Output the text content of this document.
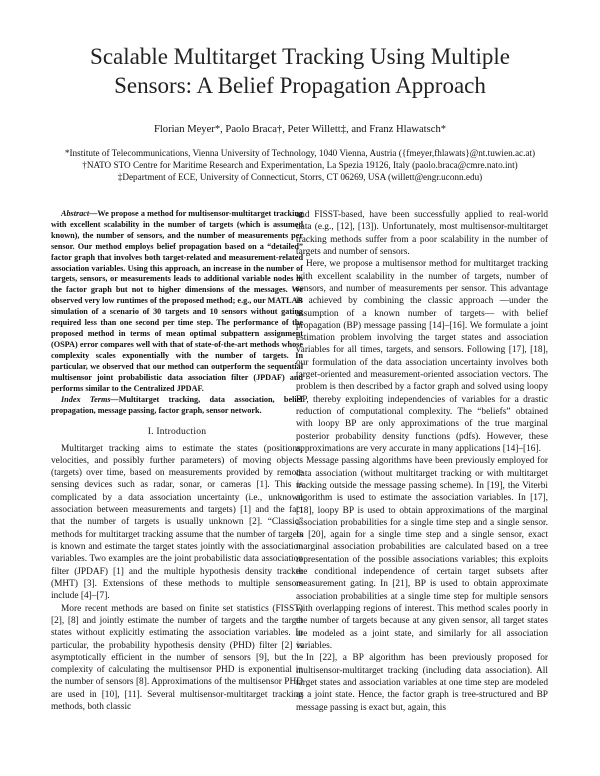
Scalable Multitarget Tracking Using Multiple
Sensors: A Belief Propagation Approach
Florian Meyer*, Paolo Braca†, Peter Willett‡, and Franz Hlawatsch*
*Institute of Telecommunications, Vienna University of Technology, 1040 Vienna, Austria ({fmeyer,fhlawats}@nt.tuwien.ac.at)
†NATO STO Centre for Maritime Research and Experimentation, La Spezia 19126, Italy (paolo.braca@cmre.nato.int)
‡Department of ECE, University of Connecticut, Storrs, CT 06269, USA (willett@engr.uconn.edu)

Abstract—We propose a method for multisensor-multitarget tracking with excellent scalability in the number of targets (which is assumed known), the number of sensors, and the number of measurements per sensor. Our method employs belief propagation based on a “detailed” factor graph that involves both target-related and measurement-related association variables. Using this approach, an increase in the number of targets, sensors, or measurements leads to additional variable nodes in the factor graph but not to higher dimensions of the messages. We observed very low runtimes of the proposed method; e.g., our MATLAB simulation of a scenario of 30 targets and 10 sensors without gating required less than one second per time step. The performance of the proposed method in terms of mean optimal subpattern assignment (OSPA) error compares well with that of state-of-the-art methods whose complexity scales exponentially with the number of targets. In particular, we observed that our method can outperform the sequential multisensor joint probabilistic data association filter (JPDAF) and performs similar to the Centralized JPDAF.

Index Terms—Multitarget tracking, data association, belief propagation, message passing, factor graph, sensor network.

I. Introduction

Multitarget tracking aims to estimate the states (positions, velocities, and possibly further parameters) of moving objects (targets) over time, based on measurements provided by remote sensing devices such as radar, sonar, or cameras [1]. This is complicated by a data association uncertainty (i.e., unknown association between measurements and targets) [1] and the fact that the number of targets is usually unknown [2]. “Classic” methods for multitarget tracking assume that the number of targets is known and estimate the target states jointly with the association variables. Two examples are the joint probabilistic data association filter (JPDAF) [1] and the multiple hypothesis density tracker (MHT) [3]. Extensions of these methods to multiple sensors include [4]–[7].

More recent methods are based on finite set statistics (FISST) [2], [8] and jointly estimate the number of targets and the target states without explicitly estimating the association variables. In particular, the probability hypothesis density (PHD) filter [2] is asymptotically efficient in the number of sensors [9], but the complexity of calculating the multisensor PHD is exponential in the number of sensors [8]. Approximations of the multisensor PHD are used in [10], [11]. Several multisensor-multitarget tracking methods, both classic

and FISST-based, have been successfully applied to real-world data (e.g., [12], [13]). Unfortunately, most multisensor-multitarget tracking methods suffer from a poor scalability in the number of targets and number of sensors.

Here, we propose a multisensor method for multitarget tracking with excellent scalability in the number of targets, number of sensors, and number of measurements per sensor. This advantage is achieved by combining the classic approach —under the assumption of a known number of targets— with belief propagation (BP) message passing [14]–[16]. We formulate a joint estimation problem involving the target states and association variables for all times, targets, and sensors. Following [17], [18], our formulation of the data association uncertainty involves both target-oriented and measurement-oriented association vectors. The problem is then described by a factor graph and solved using loopy BP, thereby exploiting independencies of variables for a drastic reduction of computational complexity. The “beliefs” obtained with loopy BP are only approximations of the true marginal posterior probability density functions (pdfs). However, these approximations are very accurate in many applications [14]–[16].

Message passing algorithms have been previously employed for data association (without multitarget tracking or with multitarget tracking outside the message passing scheme). In [19], the Viterbi algorithm is used to estimate the association variables. In [17], [18], loopy BP is used to obtain approximations of the marginal association probabilities for a single time step and a single sensor. In [20], again for a single time step and a single sensor, exact marginal association probabilities are calculated based on a tree representation of the possible associations variables; this exploits the conditional independence of certain target subsets after measurement gating. In [21], BP is used to obtain approximate association probabilities at a single time step for multiple sensors with overlapping regions of interest. This method scales poorly in the number of targets because at any given sensor, all target states are modeled as a joint state, and similarly for all association variables.

In [22], a BP algorithm has been previously proposed for multisensor-multitarget tracking (including data association). All target states and association variables at one time step are modeled as a joint state. Hence, the factor graph is tree-structured and BP message passing is exact but, again, this
